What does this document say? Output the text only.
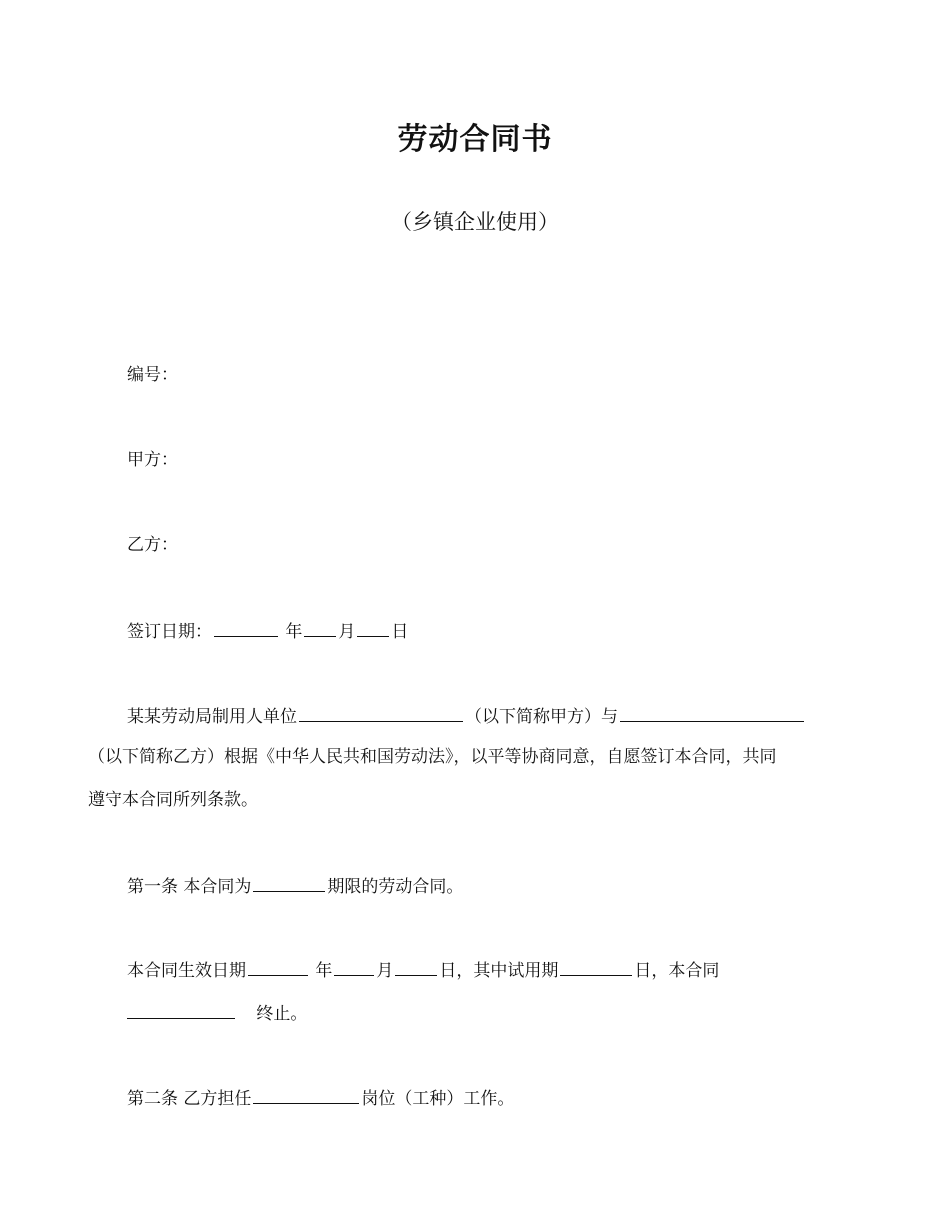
劳动合同书
（乡镇企业使用）
编号：
甲方：
乙方：
签订日期：	年 月 日
某某劳动局制用人单位	（以下简称甲方）与
（以下简称乙方）根据《中华人民共和国劳动法》，以平等协商同意，自愿签订本合同，共同
遵守本合同所列条款。
第一条 本合同为	期限的劳动合同。
本合同生效日期	年	月	日，其中试用期	日，本合同
终止。
第二条 乙方担任	岗位（工种）工作。
